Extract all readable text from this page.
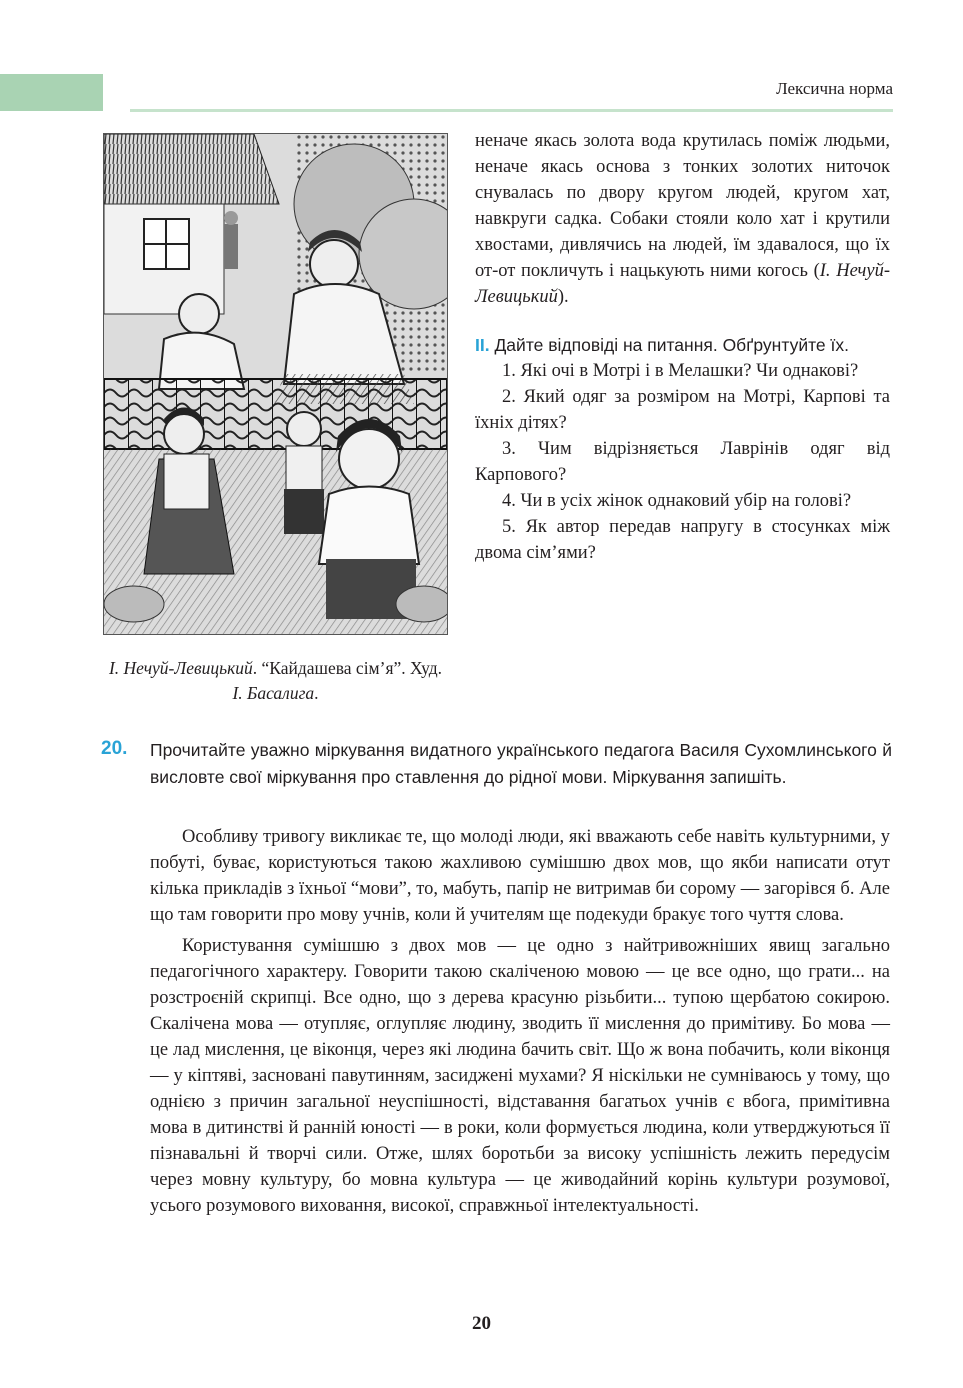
Лексична норма
І. Нечуй-Левицький. “Кайдашева сім’я”. Худ. І. Басалига.

неначе якась золота вода крутилась поміж людьми, неначе якась основа з тонких золотих ниточок снувалась по двору кругом людей, кругом хат, навкруги садка. Собаки стояли коло хат і крутили хвостами, дивлячись на людей, їм здавалося, що їх от-от покличуть і нацькують ними когось (І. Нечуй-Левицький).

ІІ. Дайте відповіді на питання. Обґрунтуйте їх.

1. Які очі в Мотрі і в Мелашки? Чи однакові?

2. Який одяг за розміром на Мотрі, Карпові та їхніх дітях?

3. Чим відрізняється Лаврінів одяг від Карпового?

4. Чи в усіх жінок однаковий убір на голові?

5. Як автор передав напругу в стосунках між двома сім’ями?

20. Прочитайте уважно міркування видатного українського педагога Василя Сухомлинського й висловте свої міркування про ставлення до рідної мови. Міркування запишіть.

Особливу тривогу викликає те, що молоді люди, які вважають себе навіть культурними, у побуті, буває, користуються такою жахливою сумішшю двох мов, що якби написати отут кілька прикладів з їхньої “мови”, то, мабуть, папір не витримав би сорому — загорівся б. Але що там говорити про мову учнів, коли й учителям ще подекуди бракує того чуття слова.

Користування сумішшю з двох мов — це одно з найтривожніших явищ загально педагогічного характеру. Говорити такою скаліченою мовою — це все одно, що грати... на розстроєній скрипці. Все одно, що з дерева красуню різьбити... тупою щербатою сокирою. Скалічена мова — отупляє, оглупляє людину, зводить її мислення до примітиву. Бо мова — це лад мислення, це віконця, через які людина бачить світ. Що ж вона побачить, коли віконця — у кіптяві, заснованi павутинням, засиджені мухами? Я нiскільки не сумніваюсь у тому, що однією з причин загальної неуспішності, відставання багатьох учнів є вбога, примітивна мова в дитинстві й ранній юності — в роки, коли формується людина, коли утверджуються її пізнавальні й творчі сили. Отже, шлях боротьби за високу успішність лежить передусім через мовну культуру, бо мовна культура — це живодайний корінь культури розумової, усього розумового виховання, високої, справжньої інтелектуальності.

20
